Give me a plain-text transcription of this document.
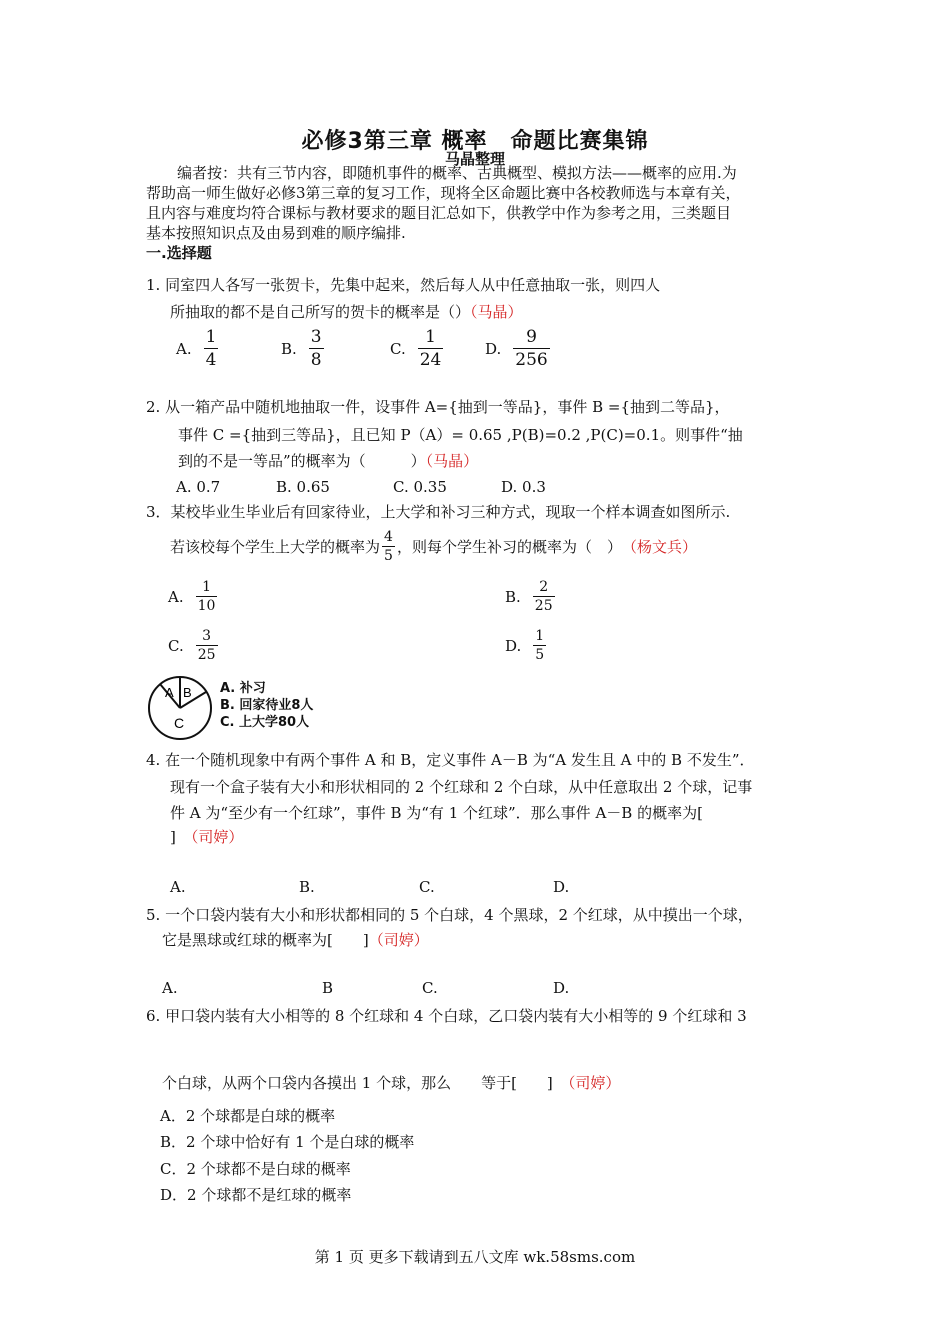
必修3第三章 概率　命题比赛集锦
马晶整理
编者按：共有三节内容，即随机事件的概率、古典概型、模拟方法——概率的应用.为
帮助高一师生做好必修3第三章的复习工作，现将全区命题比赛中各校教师选与本章有关，
且内容与难度均符合课标与教材要求的题目汇总如下，供教学中作为参考之用，三类题目
基本按照知识点及由易到难的顺序编排.
一.选择题
1. 同室四人各写一张贺卡，先集中起来，然后每人从中任意抽取一张，则四人
所抽取的都不是自己所写的贺卡的概率是（）（马晶）
A. $\frac{1}{4}$	B. $\frac{3}{8}$	C. $\frac{1}{24}$	D. $\frac{9}{256}$
2. 从一箱产品中随机地抽取一件，设事件 A={抽到一等品}，事件 B ={抽到二等品}，
事件 C ={抽到三等品}，且已知 P（A）= 0.65 ,P(B)=0.2 ,P(C)=0.1。则事件“抽
到的不是一等品”的概率为（　　　）（马晶）
A. 0.7	B. 0.65	C. 0.35	D. 0.3
3．某校毕业生毕业后有回家待业，上大学和补习三种方式，现取一个样本调查如图所示.
若该校每个学生上大学的概率为 $\frac{4}{5}$ ，则每个学生补习的概率为（　） （杨文兵）
A. $\frac{1}{10}$	B. $\frac{2}{25}$
C. $\frac{3}{25}$	D. $\frac{1}{5}$
A B
C
A. 补习
B. 回家待业8人
C. 上大学80人
4. 在一个随机现象中有两个事件 A 和 B，定义事件 A－B 为“A 发生且 A 中的 B 不发生”．
现有一个盒子装有大小和形状相同的 2 个红球和 2 个白球，从中任意取出 2 个球，记事
件 A 为“至少有一个红球”，事件 B 为“有 1 个红球”．那么事件 A－B 的概率为[
]　 （司婷）
A.	B.	C.	D.
5. 一个口袋内装有大小和形状都相同的 5 个白球，4 个黑球，2 个红球，从中摸出一个球，
它是黑球或红球的概率为[　　]（司婷）
A.	B	C.	D.
6. 甲口袋内装有大小相等的 8 个红球和 4 个白球，乙口袋内装有大小相等的 9 个红球和 3
个白球，从两个口袋内各摸出 1 个球，那么　　等于[　　]　 （司婷）
A．2 个球都是白球的概率
B．2 个球中恰好有 1 个是白球的概率
C．2 个球都不是白球的概率
D．2 个球都不是红球的概率
第 1 页 更多下载请到五八文库 wk.58sms.com
